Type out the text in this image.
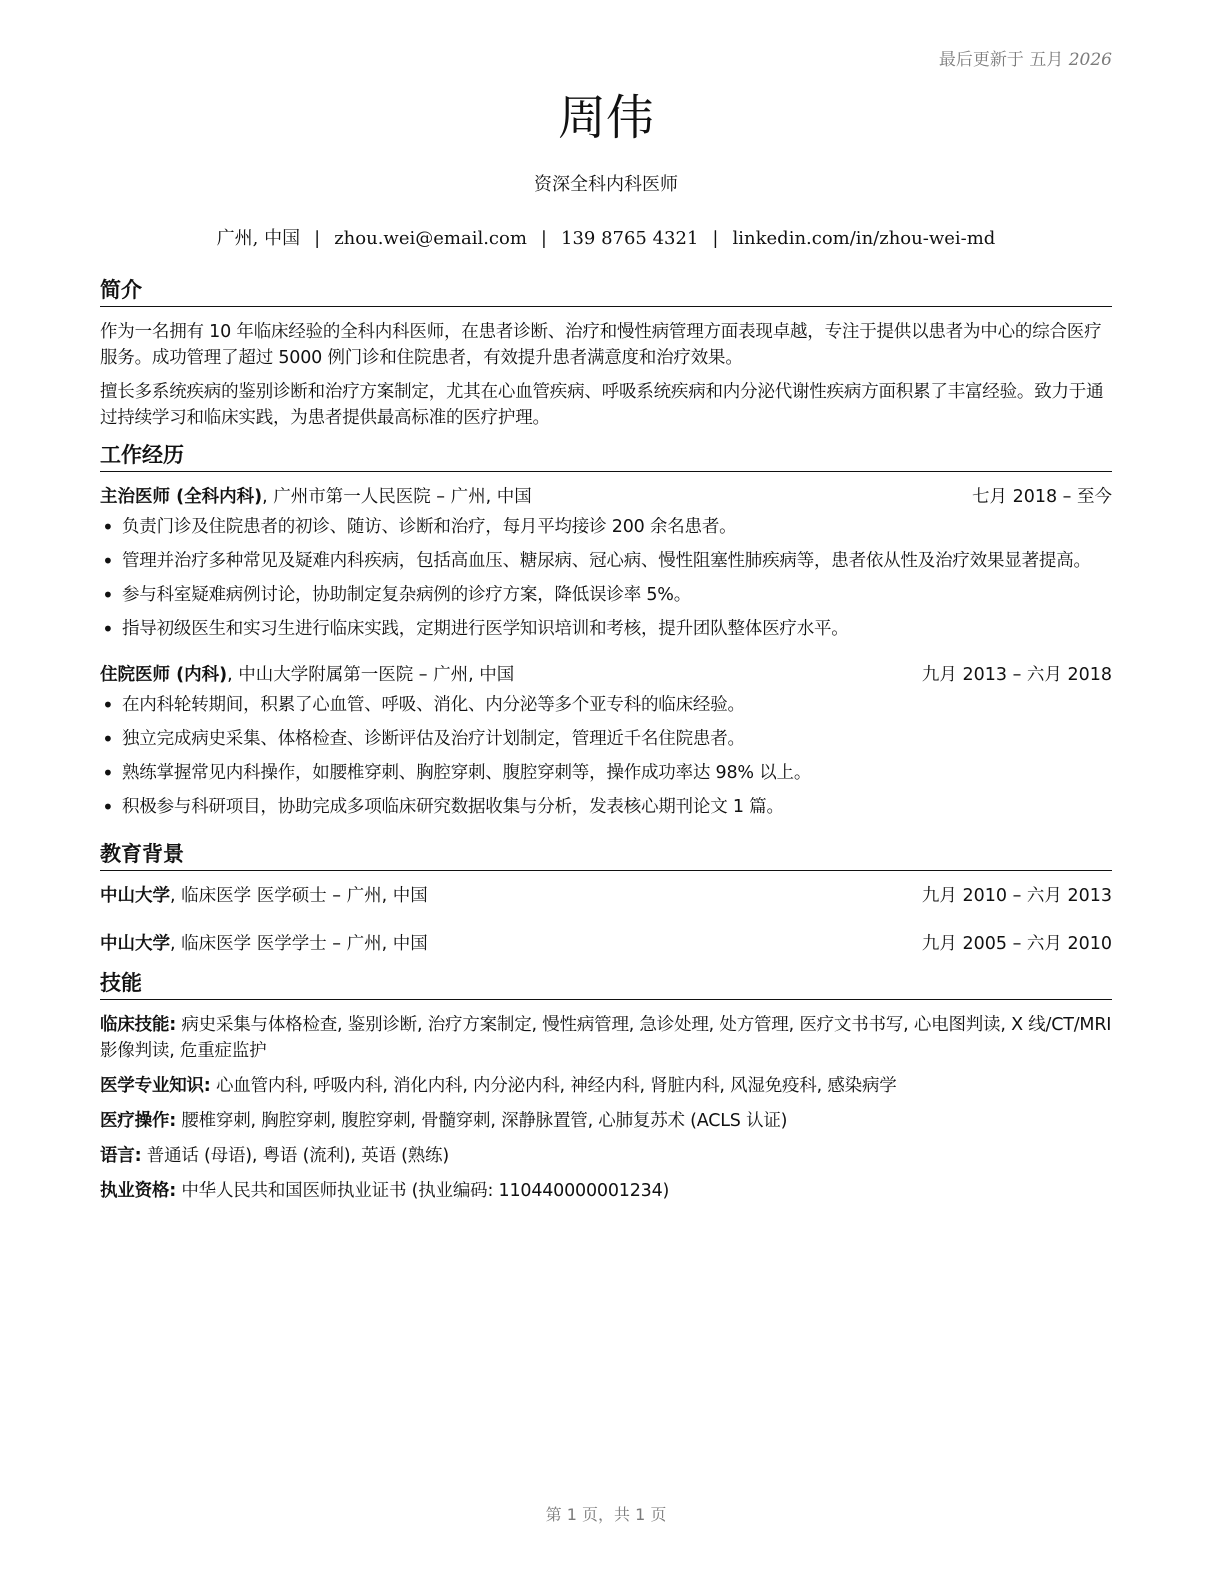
最后更新于 五月 2026
周伟
资深全科内科医师
广州, 中国 | zhou.wei@email.com | 139 8765 4321 | linkedin.com/in/zhou-wei-md
简介

作为一名拥有 10 年临床经验的全科内科医师，在患者诊断、治疗和慢性病管理方面表现卓越，专注于提供以患者为中心的综合医疗服务。成功管理了超过 5000 例门诊和住院患者，有效提升患者满意度和治疗效果。

擅长多系统疾病的鉴别诊断和治疗方案制定，尤其在心血管疾病、呼吸系统疾病和内分泌代谢性疾病方面积累了丰富经验。致力于通过持续学习和临床实践，为患者提供最高标准的医疗护理。

工作经历
主治医师 (全科内科), 广州市第一人民医院 – 广州, 中国	七月 2018 – 至今
• 负责门诊及住院患者的初诊、随访、诊断和治疗，每月平均接诊 200 余名患者。
• 管理并治疗多种常见及疑难内科疾病，包括高血压、糖尿病、冠心病、慢性阻塞性肺疾病等，患者依从性及治疗效果显著提高。
• 参与科室疑难病例讨论，协助制定复杂病例的诊疗方案，降低误诊率 5%。
• 指导初级医生和实习生进行临床实践，定期进行医学知识培训和考核，提升团队整体医疗水平。
住院医师 (内科), 中山大学附属第一医院 – 广州, 中国	九月 2013 – 六月 2018
• 在内科轮转期间，积累了心血管、呼吸、消化、内分泌等多个亚专科的临床经验。
• 独立完成病史采集、体格检查、诊断评估及治疗计划制定，管理近千名住院患者。
• 熟练掌握常见内科操作，如腰椎穿刺、胸腔穿刺、腹腔穿刺等，操作成功率达 98% 以上。
• 积极参与科研项目，协助完成多项临床研究数据收集与分析，发表核心期刊论文 1 篇。
教育背景
中山大学, 临床医学 医学硕士 – 广州, 中国	九月 2010 – 六月 2013
中山大学, 临床医学 医学学士 – 广州, 中国	九月 2005 – 六月 2010
技能

临床技能: 病史采集与体格检查, 鉴别诊断, 治疗方案制定, 慢性病管理, 急诊处理, 处方管理, 医疗文书书写, 心电图判读, X 线/CT/MRI 影像判读, 危重症监护

医学专业知识: 心血管内科, 呼吸内科, 消化内科, 内分泌内科, 神经内科, 肾脏内科, 风湿免疫科, 感染病学

医疗操作: 腰椎穿刺, 胸腔穿刺, 腹腔穿刺, 骨髓穿刺, 深静脉置管, 心肺复苏术 (ACLS 认证)

语言: 普通话 (母语), 粤语 (流利), 英语 (熟练)

执业资格: 中华人民共和国医师执业证书 (执业编码: 110440000001234)

第 1 页，共 1 页
